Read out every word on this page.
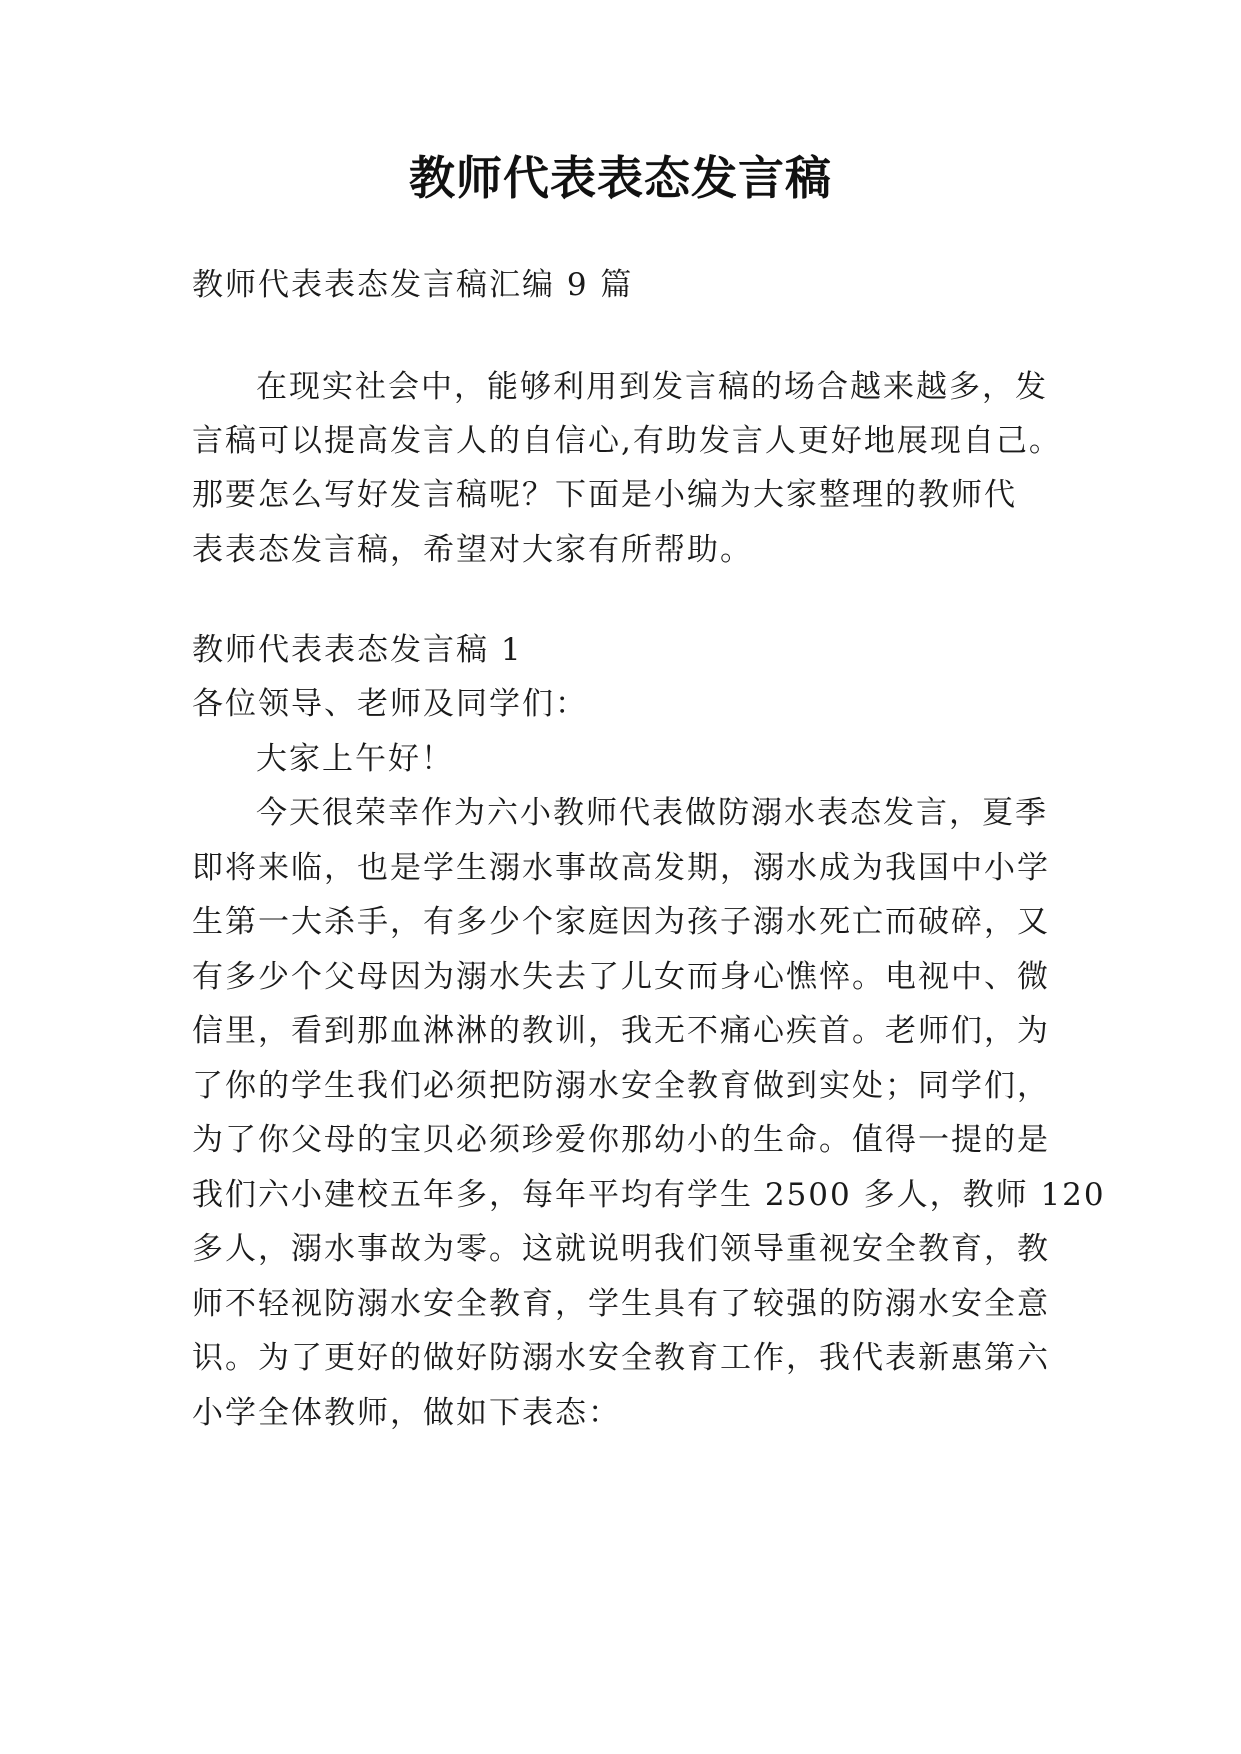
教师代表表态发言稿
教师代表表态发言稿汇编 9 篇
在现实社会中，能够利用到发言稿的场合越来越多，发
言稿可以提高发言人的自信心,有助发言人更好地展现自己。
那要怎么写好发言稿呢？下面是小编为大家整理的教师代
表表态发言稿，希望对大家有所帮助。
教师代表表态发言稿 1
各位领导、老师及同学们：
大家上午好！
今天很荣幸作为六小教师代表做防溺水表态发言，夏季
即将来临，也是学生溺水事故高发期，溺水成为我国中小学
生第一大杀手，有多少个家庭因为孩子溺水死亡而破碎，又
有多少个父母因为溺水失去了儿女而身心憔悴。电视中、微
信里，看到那血淋淋的教训，我无不痛心疾首。老师们，为
了你的学生我们必须把防溺水安全教育做到实处；同学们，
为了你父母的宝贝必须珍爱你那幼小的生命。值得一提的是
我们六小建校五年多，每年平均有学生 2500 多人，教师 120
多人，溺水事故为零。这就说明我们领导重视安全教育，教
师不轻视防溺水安全教育，学生具有了较强的防溺水安全意
识。为了更好的做好防溺水安全教育工作，我代表新惠第六
小学全体教师，做如下表态：
